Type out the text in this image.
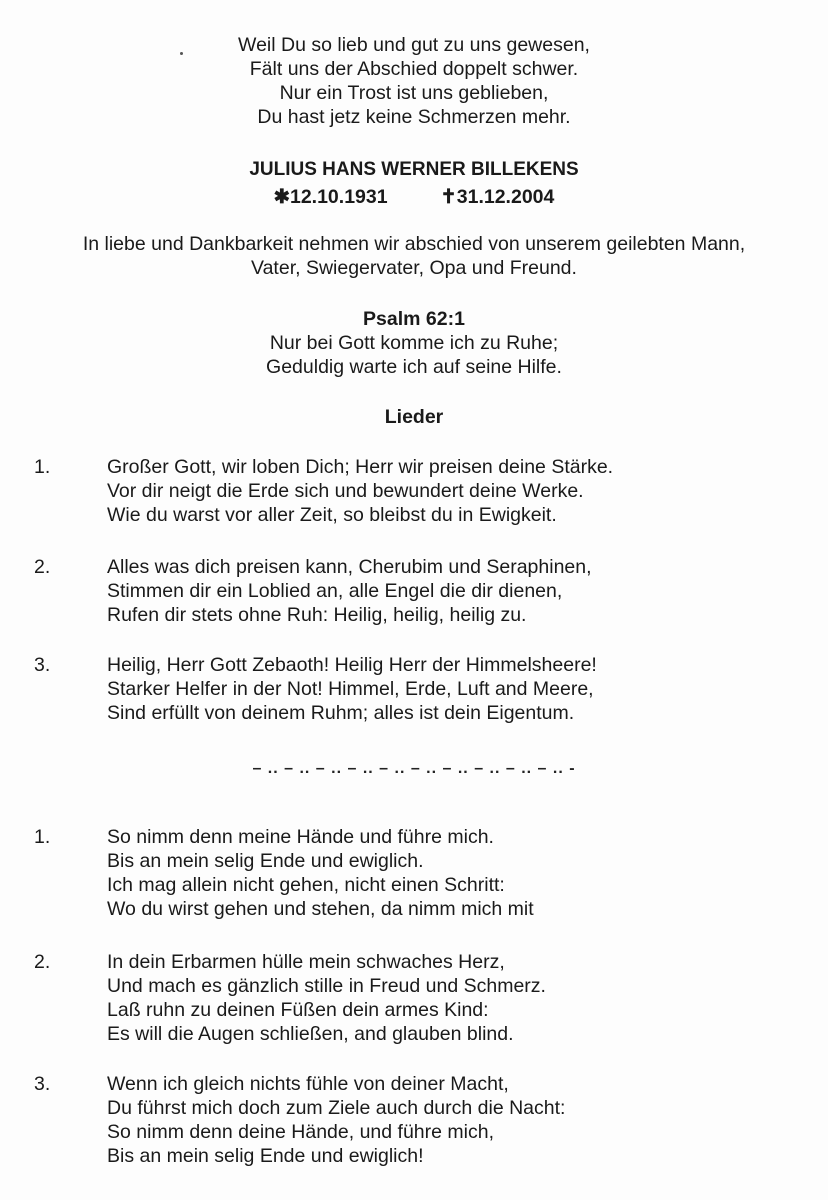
Weil Du so lieb und gut zu uns gewesen,
Fält uns der Abschied doppelt schwer.
Nur ein Trost ist uns geblieben,
Du hast jetz keine Schmerzen mehr.
JULIUS HANS WERNER BILLEKENS
✱12.10.1931	✝31.12.2004
In liebe und Dankbarkeit nehmen wir abschied von unserem geilebten Mann,
Vater, Swiegervater, Opa und Freund.
Psalm 62:1
Nur bei Gott komme ich zu Ruhe;
Geduldig warte ich auf seine Hilfe.
Lieder
1.	Großer Gott, wir loben Dich; Herr wir preisen deine Stärke.
Vor dir neigt die Erde sich und bewundert deine Werke.
Wie du warst vor aller Zeit, so bleibst du in Ewigkeit.
2.	Alles was dich preisen kann, Cherubim und Seraphinen,
Stimmen dir ein Loblied an, alle Engel die dir dienen,
Rufen dir stets ohne Ruh: Heilig, heilig, heilig zu.
3.	Heilig, Herr Gott Zebaoth! Heilig Herr der Himmelsheere!
Starker Helfer in der Not! Himmel, Erde, Luft and Meere,
Sind erfüllt von deinem Ruhm; alles ist dein Eigentum.
– .. – .. – .. – .. – .. – .. – .. – .. – .. – .. -
1.	So nimm denn meine Hände und führe mich.
Bis an mein selig Ende und ewiglich.
Ich mag allein nicht gehen, nicht einen Schritt:
Wo du wirst gehen und stehen, da nimm mich mit
2.	In dein Erbarmen hülle mein schwaches Herz,
Und mach es gänzlich stille in Freud und Schmerz.
Laß ruhn zu deinen Füßen dein armes Kind:
Es will die Augen schließen, and glauben blind.
3.	Wenn ich gleich nichts fühle von deiner Macht,
Du führst mich doch zum Ziele auch durch die Nacht:
So nimm denn deine Hände, und führe mich,
Bis an mein selig Ende und ewiglich!
